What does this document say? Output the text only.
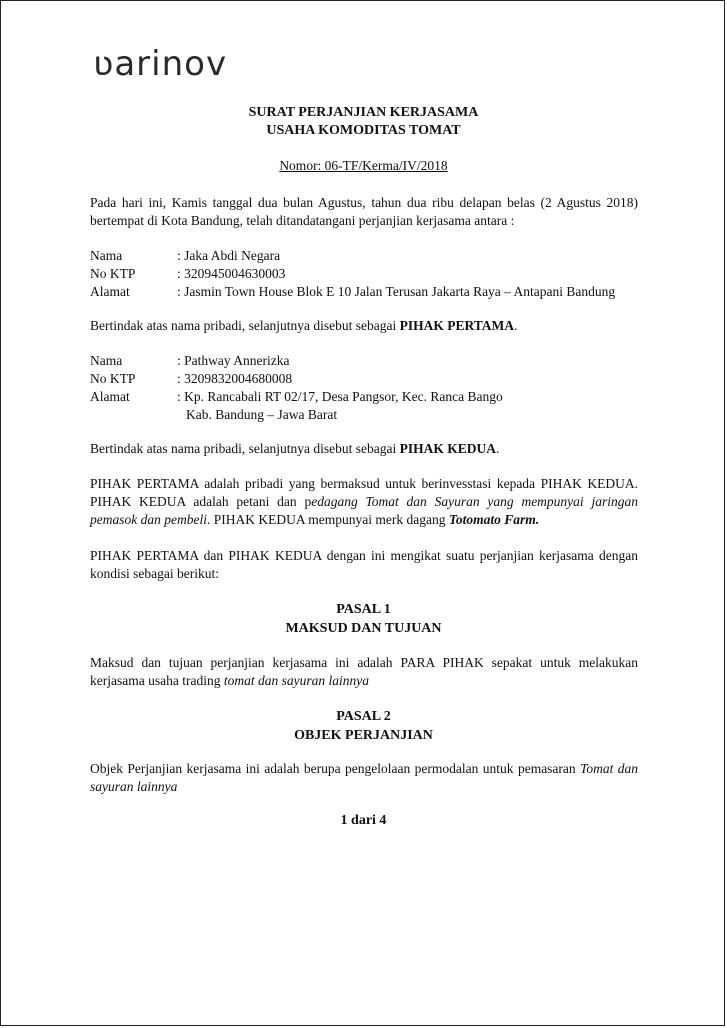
ʋarinov
SURAT PERJANJIAN KERJASAMA
USAHA KOMODITAS TOMAT
Nomor: 06-TF/Kerma/IV/2018
Pada hari ini, Kamis tanggal dua bulan Agustus, tahun dua ribu delapan belas (2 Agustus 2018) bertempat di Kota Bandung, telah ditandatangani perjanjian kerjasama antara :
Nama	: Jaka Abdi Negara
No KTP	: 320945004630003
Alamat	: Jasmin Town House Blok E 10 Jalan Terusan Jakarta Raya – Antapani Bandung
Bertindak atas nama pribadi, selanjutnya disebut sebagai PIHAK PERTAMA.
Nama	: Pathway Annerizka
No KTP	: 3209832004680008
Alamat	: Kp. Rancabali RT 02/17, Desa Pangsor, Kec. Ranca Bango
Kab. Bandung – Jawa Barat
Bertindak atas nama pribadi, selanjutnya disebut sebagai PIHAK KEDUA.
PIHAK PERTAMA adalah pribadi yang bermaksud untuk berinvesstasi kepada PIHAK KEDUA. PIHAK KEDUA adalah petani dan pedagang Tomat dan Sayuran yang mempunyai jaringan pemasok dan pembeli. PIHAK KEDUA mempunyai merk dagang Totomato Farm.
PIHAK PERTAMA dan PIHAK KEDUA dengan ini mengikat suatu perjanjian kerjasama dengan kondisi sebagai berikut:
PASAL 1
MAKSUD DAN TUJUAN
Maksud dan tujuan perjanjian kerjasama ini adalah PARA PIHAK sepakat untuk melakukan kerjasama usaha trading tomat dan sayuran lainnya
PASAL 2
OBJEK PERJANJIAN
Objek Perjanjian kerjasama ini adalah berupa pengelolaan permodalan untuk pemasaran Tomat dan sayuran lainnya
1 dari 4
